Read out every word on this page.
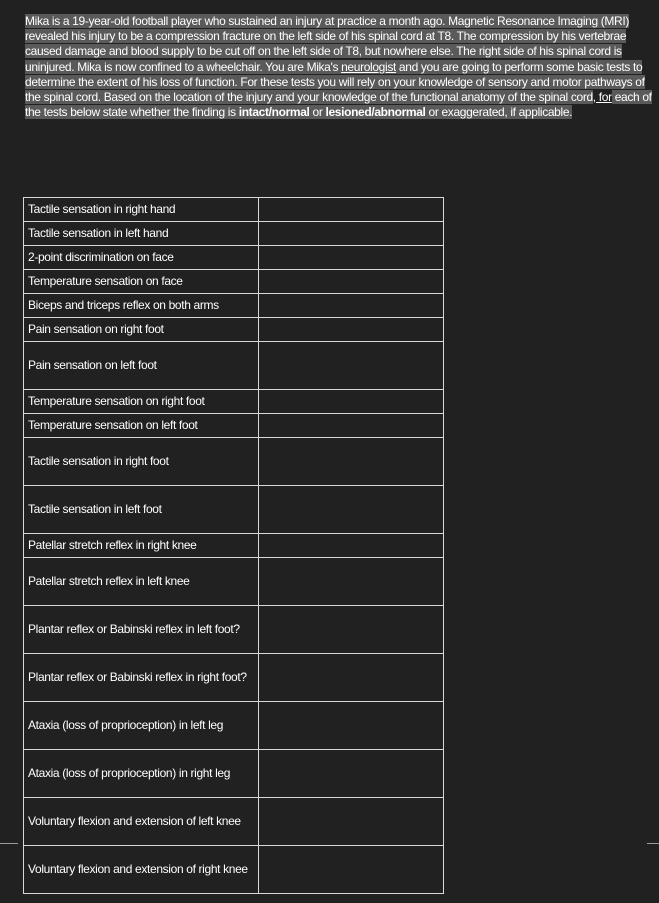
Mika is a 19-year-old football player who sustained an injury at practice a month ago. Magnetic Resonance Imaging (MRI) revealed his injury to be a compression fracture on the left side of his spinal cord at T8. The compression by his vertebrae caused damage and blood supply to be cut off on the left side of T8, but nowhere else. The right side of his spinal cord is uninjured. Mika is now confined to a wheelchair. You are Mika's neurologist and you are going to perform some basic tests to determine the extent of his loss of function. For these tests you will rely on your knowledge of sensory and motor pathways of the spinal cord. Based on the location of the injury and your knowledge of the functional anatomy of the spinal cord, for each of the tests below state whether the finding is intact/normal or lesioned/abnormal or exaggerated, if applicable.
Tactile sensation in right hand	
Tactile sensation in left hand	
2-point discrimination on face	
Temperature sensation on face	
Biceps and triceps reflex on both arms	
Pain sensation on right foot	
Pain sensation on left foot	
Temperature sensation on right foot	
Temperature sensation on left foot	
Tactile sensation in right foot	
Tactile sensation in left foot	
Patellar stretch reflex in right knee	
Patellar stretch reflex in left knee	
Plantar reflex or Babinski reflex in left foot?	
Plantar reflex or Babinski reflex in right foot?	
Ataxia (loss of proprioception) in left leg	
Ataxia (loss of proprioception) in right leg	
Voluntary flexion and extension of left knee	
Voluntary flexion and extension of right knee	
